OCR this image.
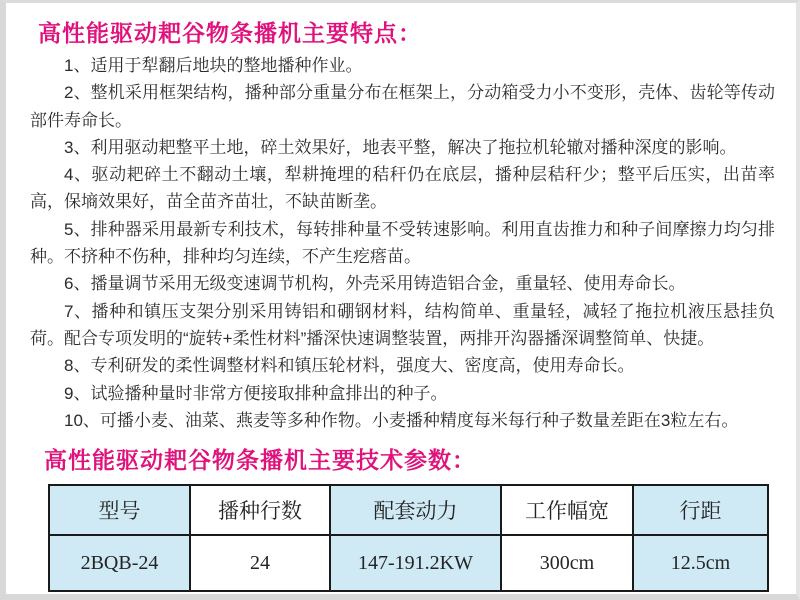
高性能驱动耙谷物条播机主要特点：

1、适用于犁翻后地块的整地播种作业。

2、整机采用框架结构，播种部分重量分布在框架上，分动箱受力小不变形，壳体、齿轮等传动部件寿命长。

3、利用驱动耙整平土地，碎土效果好，地表平整，解决了拖拉机轮辙对播种深度的影响。

4、驱动耙碎土不翻动土壤，犁耕掩埋的秸秆仍在底层，播种层秸秆少；整平后压实，出苗率高，保墒效果好，苗全苗齐苗壮，不缺苗断垄。

5、排种器采用最新专利技术，每转排种量不受转速影响。利用直齿推力和种子间摩擦力均匀排种。不挤种不伤种，排种均匀连续，不产生疙瘩苗。

6、播量调节采用无级变速调节机构，外壳采用铸造铝合金，重量轻、使用寿命长。

7、播种和镇压支架分别采用铸铝和硼钢材料，结构简单、重量轻，减轻了拖拉机液压悬挂负荷。配合专项发明的“旋转+柔性材料”播深快速调整装置，两排开沟器播深调整简单、快捷。

8、专利研发的柔性调整材料和镇压轮材料，强度大、密度高，使用寿命长。

9、试验播种量时非常方便接取排种盒排出的种子。

10、可播小麦、油菜、燕麦等多种作物。小麦播种精度每米每行种子数量差距在3粒左右。

高性能驱动耙谷物条播机主要技术参数：
型号	播种行数	配套动力	工作幅宽	行距
2BQB-24	24	147-191.2KW	300cm	12.5cm
